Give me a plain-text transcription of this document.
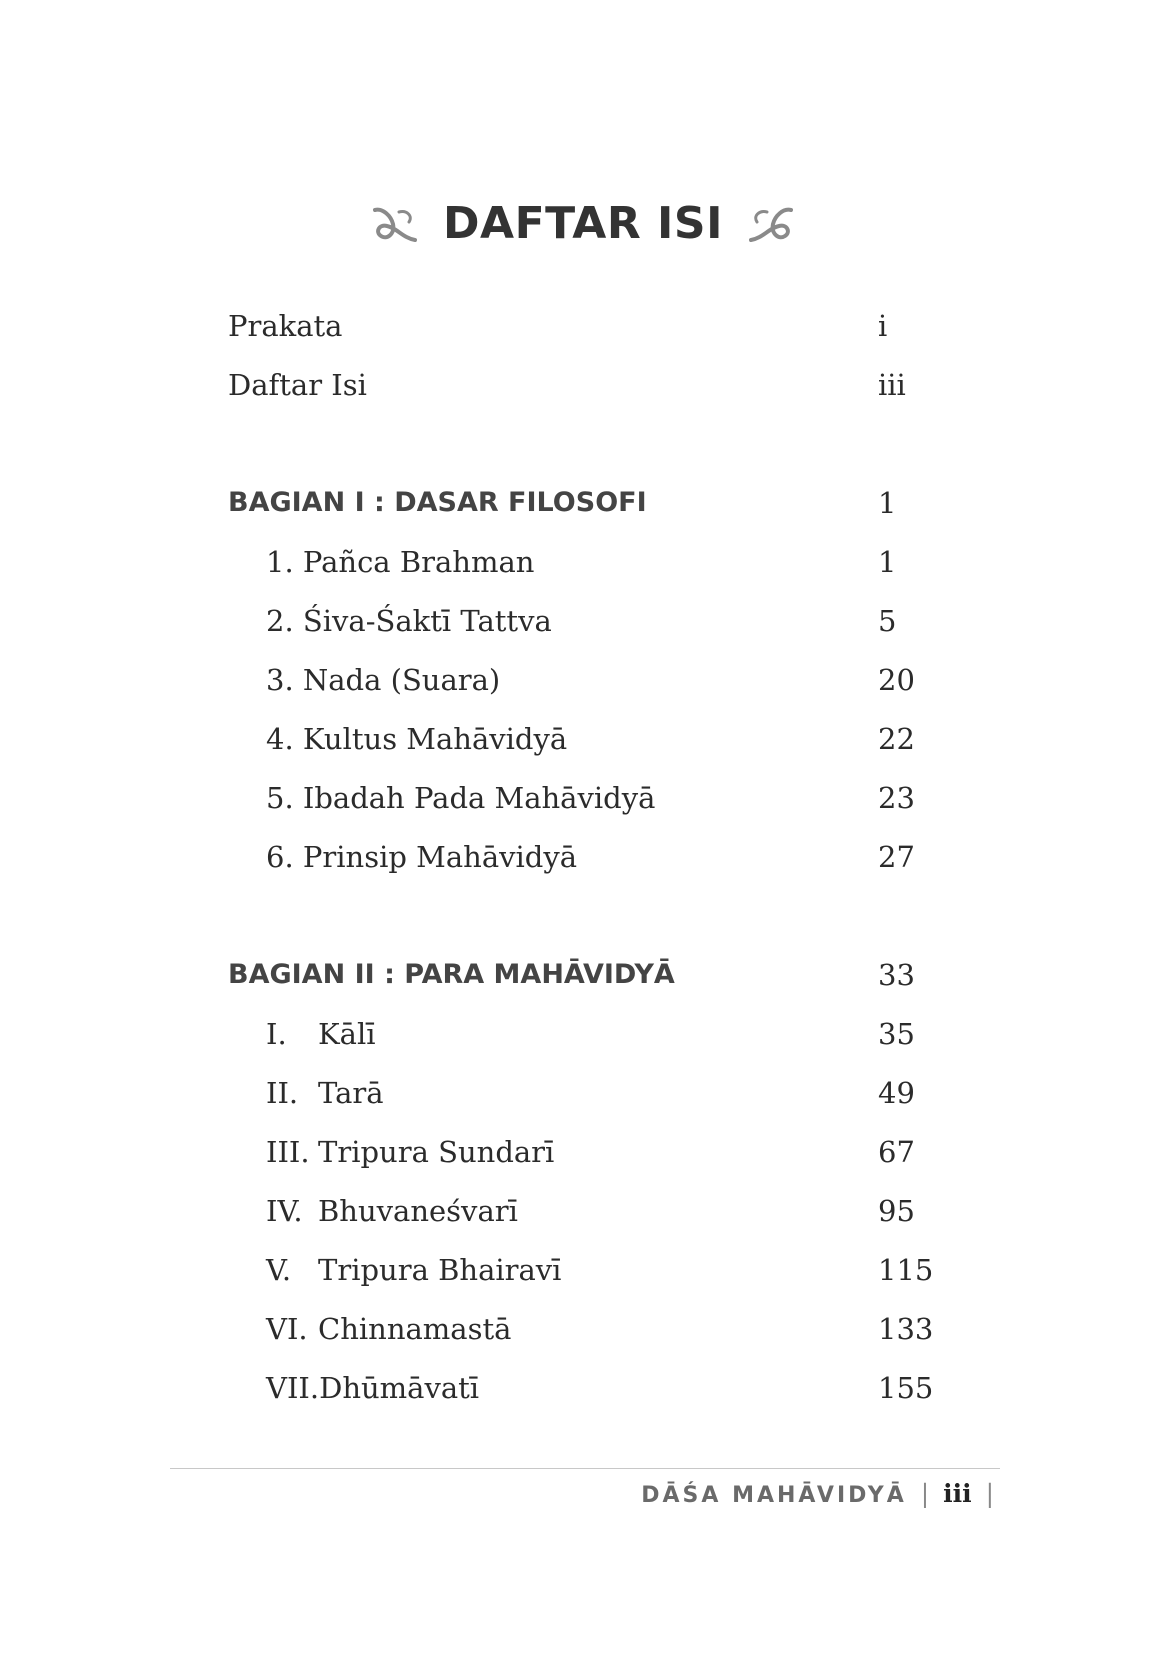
DAFTAR ISI
Prakata	i
Daftar Isi	iii
BAGIAN I : DASAR FILOSOFI	1
1. Pañca Brahman	1
2. Śiva-Śaktī Tattva	5
3. Nada (Suara)	20
4. Kultus Mahāvidyā	22
5. Ibadah Pada Mahāvidyā	23
6. Prinsip Mahāvidyā	27
BAGIAN II : PARA MAHĀVIDYĀ	33
I. Kālī	35
II. Tarā	49
III. Tripura Sundarī	67
IV. Bhuvaneśvarī	95
V. Tripura Bhairavī	115
VI. Chinnamastā	133
VII.Dhūmāvatī	155
DĀŚA MAHĀVIDYĀ | iii |
